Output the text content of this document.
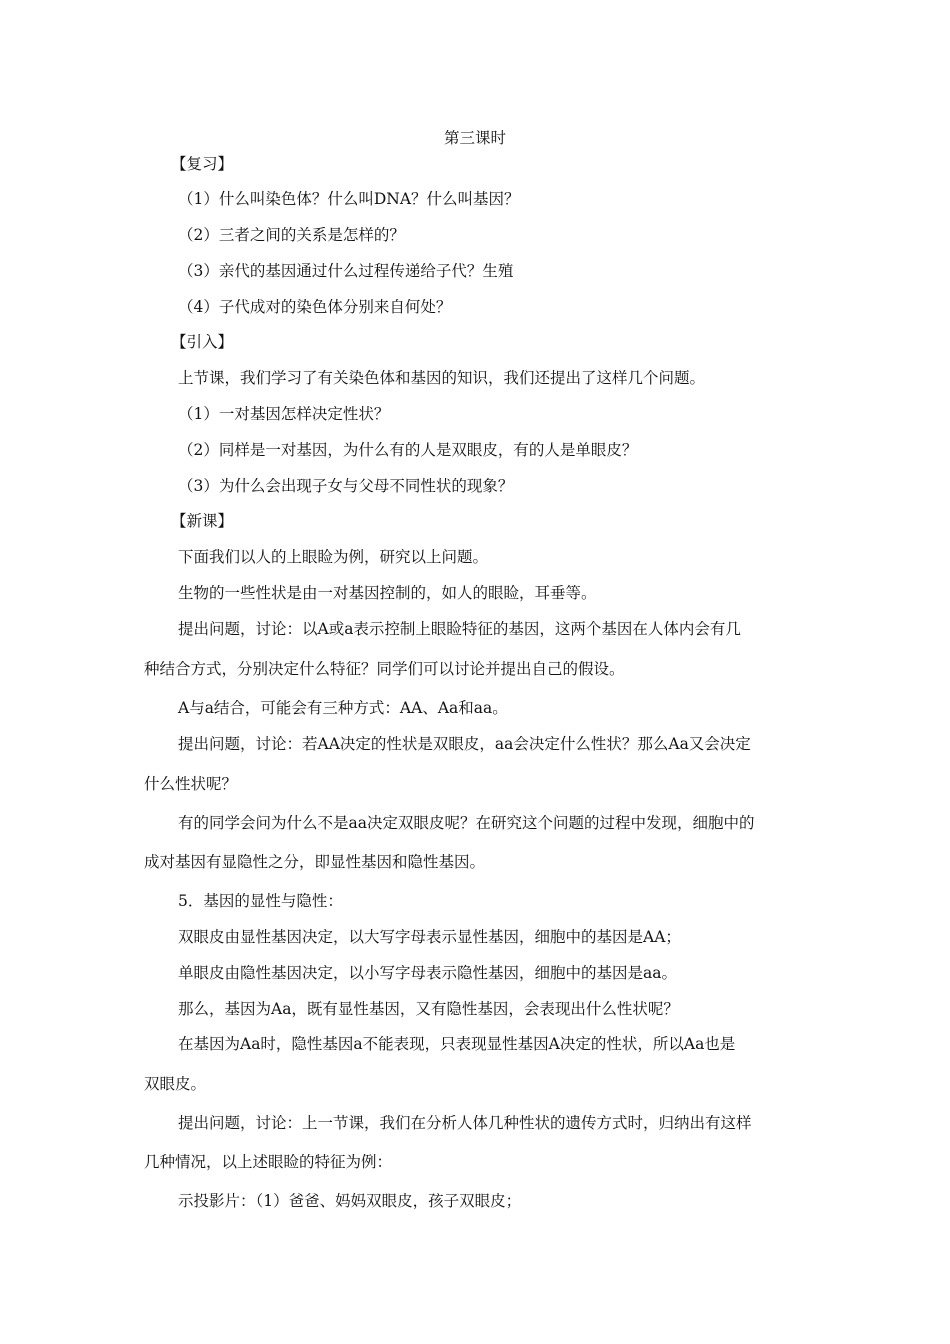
第三课时
【复习】
（1）什么叫染色体？什么叫DNA？什么叫基因？
（2）三者之间的关系是怎样的？
（3）亲代的基因通过什么过程传递给子代？生殖
（4）子代成对的染色体分别来自何处？
【引入】
上节课，我们学习了有关染色体和基因的知识，我们还提出了这样几个问题。
（1）一对基因怎样决定性状？
（2）同样是一对基因，为什么有的人是双眼皮，有的人是单眼皮？
（3）为什么会出现子女与父母不同性状的现象？
【新课】
下面我们以人的上眼睑为例，研究以上问题。
生物的一些性状是由一对基因控制的，如人的眼睑，耳垂等。
提出问题，讨论：以A或a表示控制上眼睑特征的基因，这两个基因在人体内会有几
种结合方式，分别决定什么特征？同学们可以讨论并提出自己的假设。
A与a结合，可能会有三种方式：AA、Aa和aa。
提出问题，讨论：若AA决定的性状是双眼皮，aa会决定什么性状？那么Aa又会决定
什么性状呢？
有的同学会问为什么不是aa决定双眼皮呢？在研究这个问题的过程中发现，细胞中的
成对基因有显隐性之分，即显性基因和隐性基因。
5．基因的显性与隐性：
双眼皮由显性基因决定，以大写字母表示显性基因，细胞中的基因是AA；
单眼皮由隐性基因决定，以小写字母表示隐性基因，细胞中的基因是aa。
那么，基因为Aa，既有显性基因，又有隐性基因，会表现出什么性状呢？
在基因为Aa时，隐性基因a不能表现，只表现显性基因A决定的性状，所以Aa也是
双眼皮。
提出问题，讨论：上一节课，我们在分析人体几种性状的遗传方式时，归纳出有这样
几种情况，以上述眼睑的特征为例：
示投影片：（1）爸爸、妈妈双眼皮，孩子双眼皮；
